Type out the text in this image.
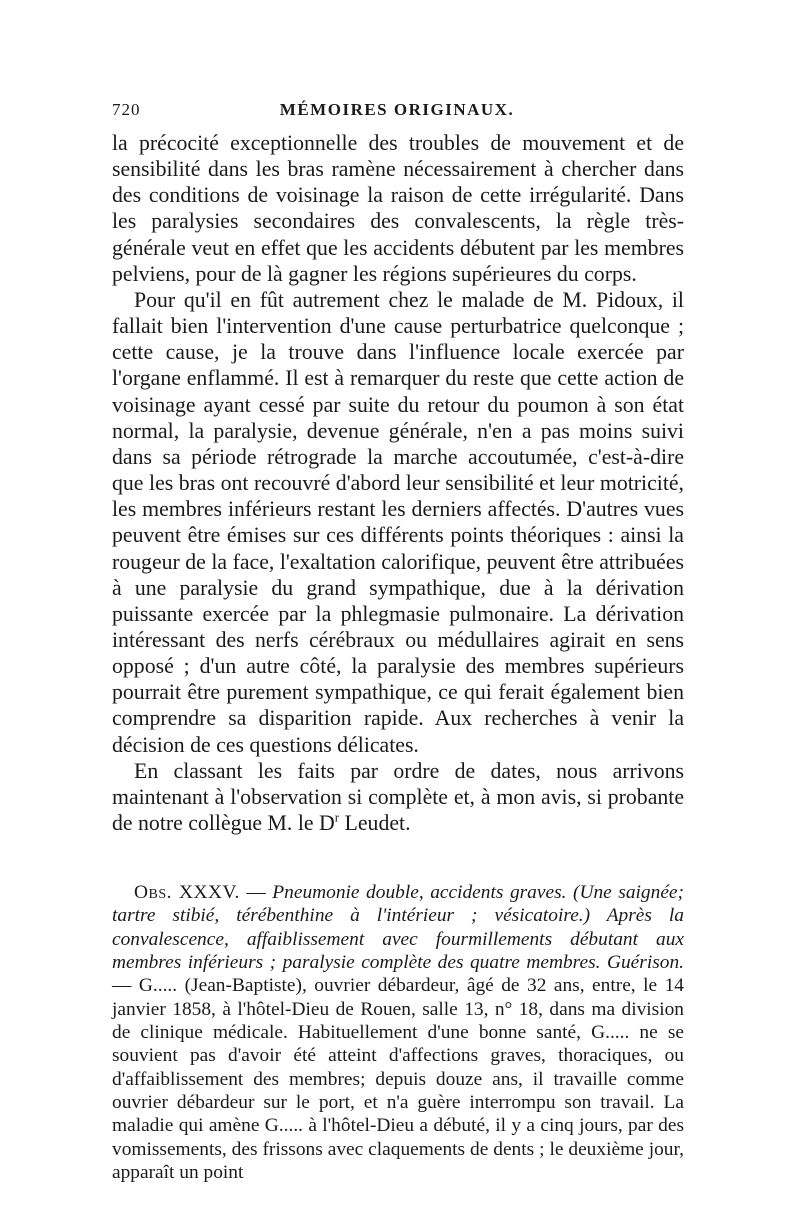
720	MÉMOIRES ORIGINAUX.

la précocité exceptionnelle des troubles de mouvement et de sensibilité dans les bras ramène nécessairement à chercher dans des conditions de voisinage la raison de cette irrégularité. Dans les paralysies secondaires des convalescents, la règle très-générale veut en effet que les accidents débutent par les membres pelviens, pour de là gagner les régions supérieures du corps.

Pour qu'il en fût autrement chez le malade de M. Pidoux, il fallait bien l'intervention d'une cause perturbatrice quelconque ; cette cause, je la trouve dans l'influence locale exercée par l'organe enflammé. Il est à remarquer du reste que cette action de voisinage ayant cessé par suite du retour du poumon à son état normal, la paralysie, devenue générale, n'en a pas moins suivi dans sa période rétrograde la marche accoutumée, c'est-à-dire que les bras ont recouvré d'abord leur sensibilité et leur motricité, les membres inférieurs restant les derniers affectés. D'autres vues peuvent être émises sur ces différents points théoriques : ainsi la rougeur de la face, l'exaltation calorifique, peuvent être attribuées à une paralysie du grand sympathique, due à la dérivation puissante exercée par la phlegmasie pulmonaire. La dérivation intéressant des nerfs cérébraux ou médullaires agirait en sens opposé ; d'un autre côté, la paralysie des membres supérieurs pourrait être purement sympathique, ce qui ferait également bien comprendre sa disparition rapide. Aux recherches à venir la décision de ces questions délicates.

En classant les faits par ordre de dates, nous arrivons maintenant à l'observation si complète et, à mon avis, si probante de notre collègue M. le $D^r$ Leudet.

Obs. XXXV. — Pneumonie double, accidents graves. (Une saignée; tartre stibié, térébenthine à l'intérieur ; vésicatoire.) Après la convalescence, affaiblissement avec fourmillements débutant aux membres inférieurs ; paralysie complète des quatre membres. Guérison. — G..... (Jean-Baptiste), ouvrier débardeur, âgé de 32 ans, entre, le 14 janvier 1858, à l'hôtel-Dieu de Rouen, salle 13, n° 18, dans ma division de clinique médicale. Habituellement d'une bonne santé, G..... ne se souvient pas d'avoir été atteint d'affections graves, thoraciques, ou d'affaiblissement des membres; depuis douze ans, il travaille comme ouvrier débardeur sur le port, et n'a guère interrompu son travail. La maladie qui amène G..... à l'hôtel-Dieu a débuté, il y a cinq jours, par des vomissements, des frissons avec claquements de dents ; le deuxième jour, apparaît un point
